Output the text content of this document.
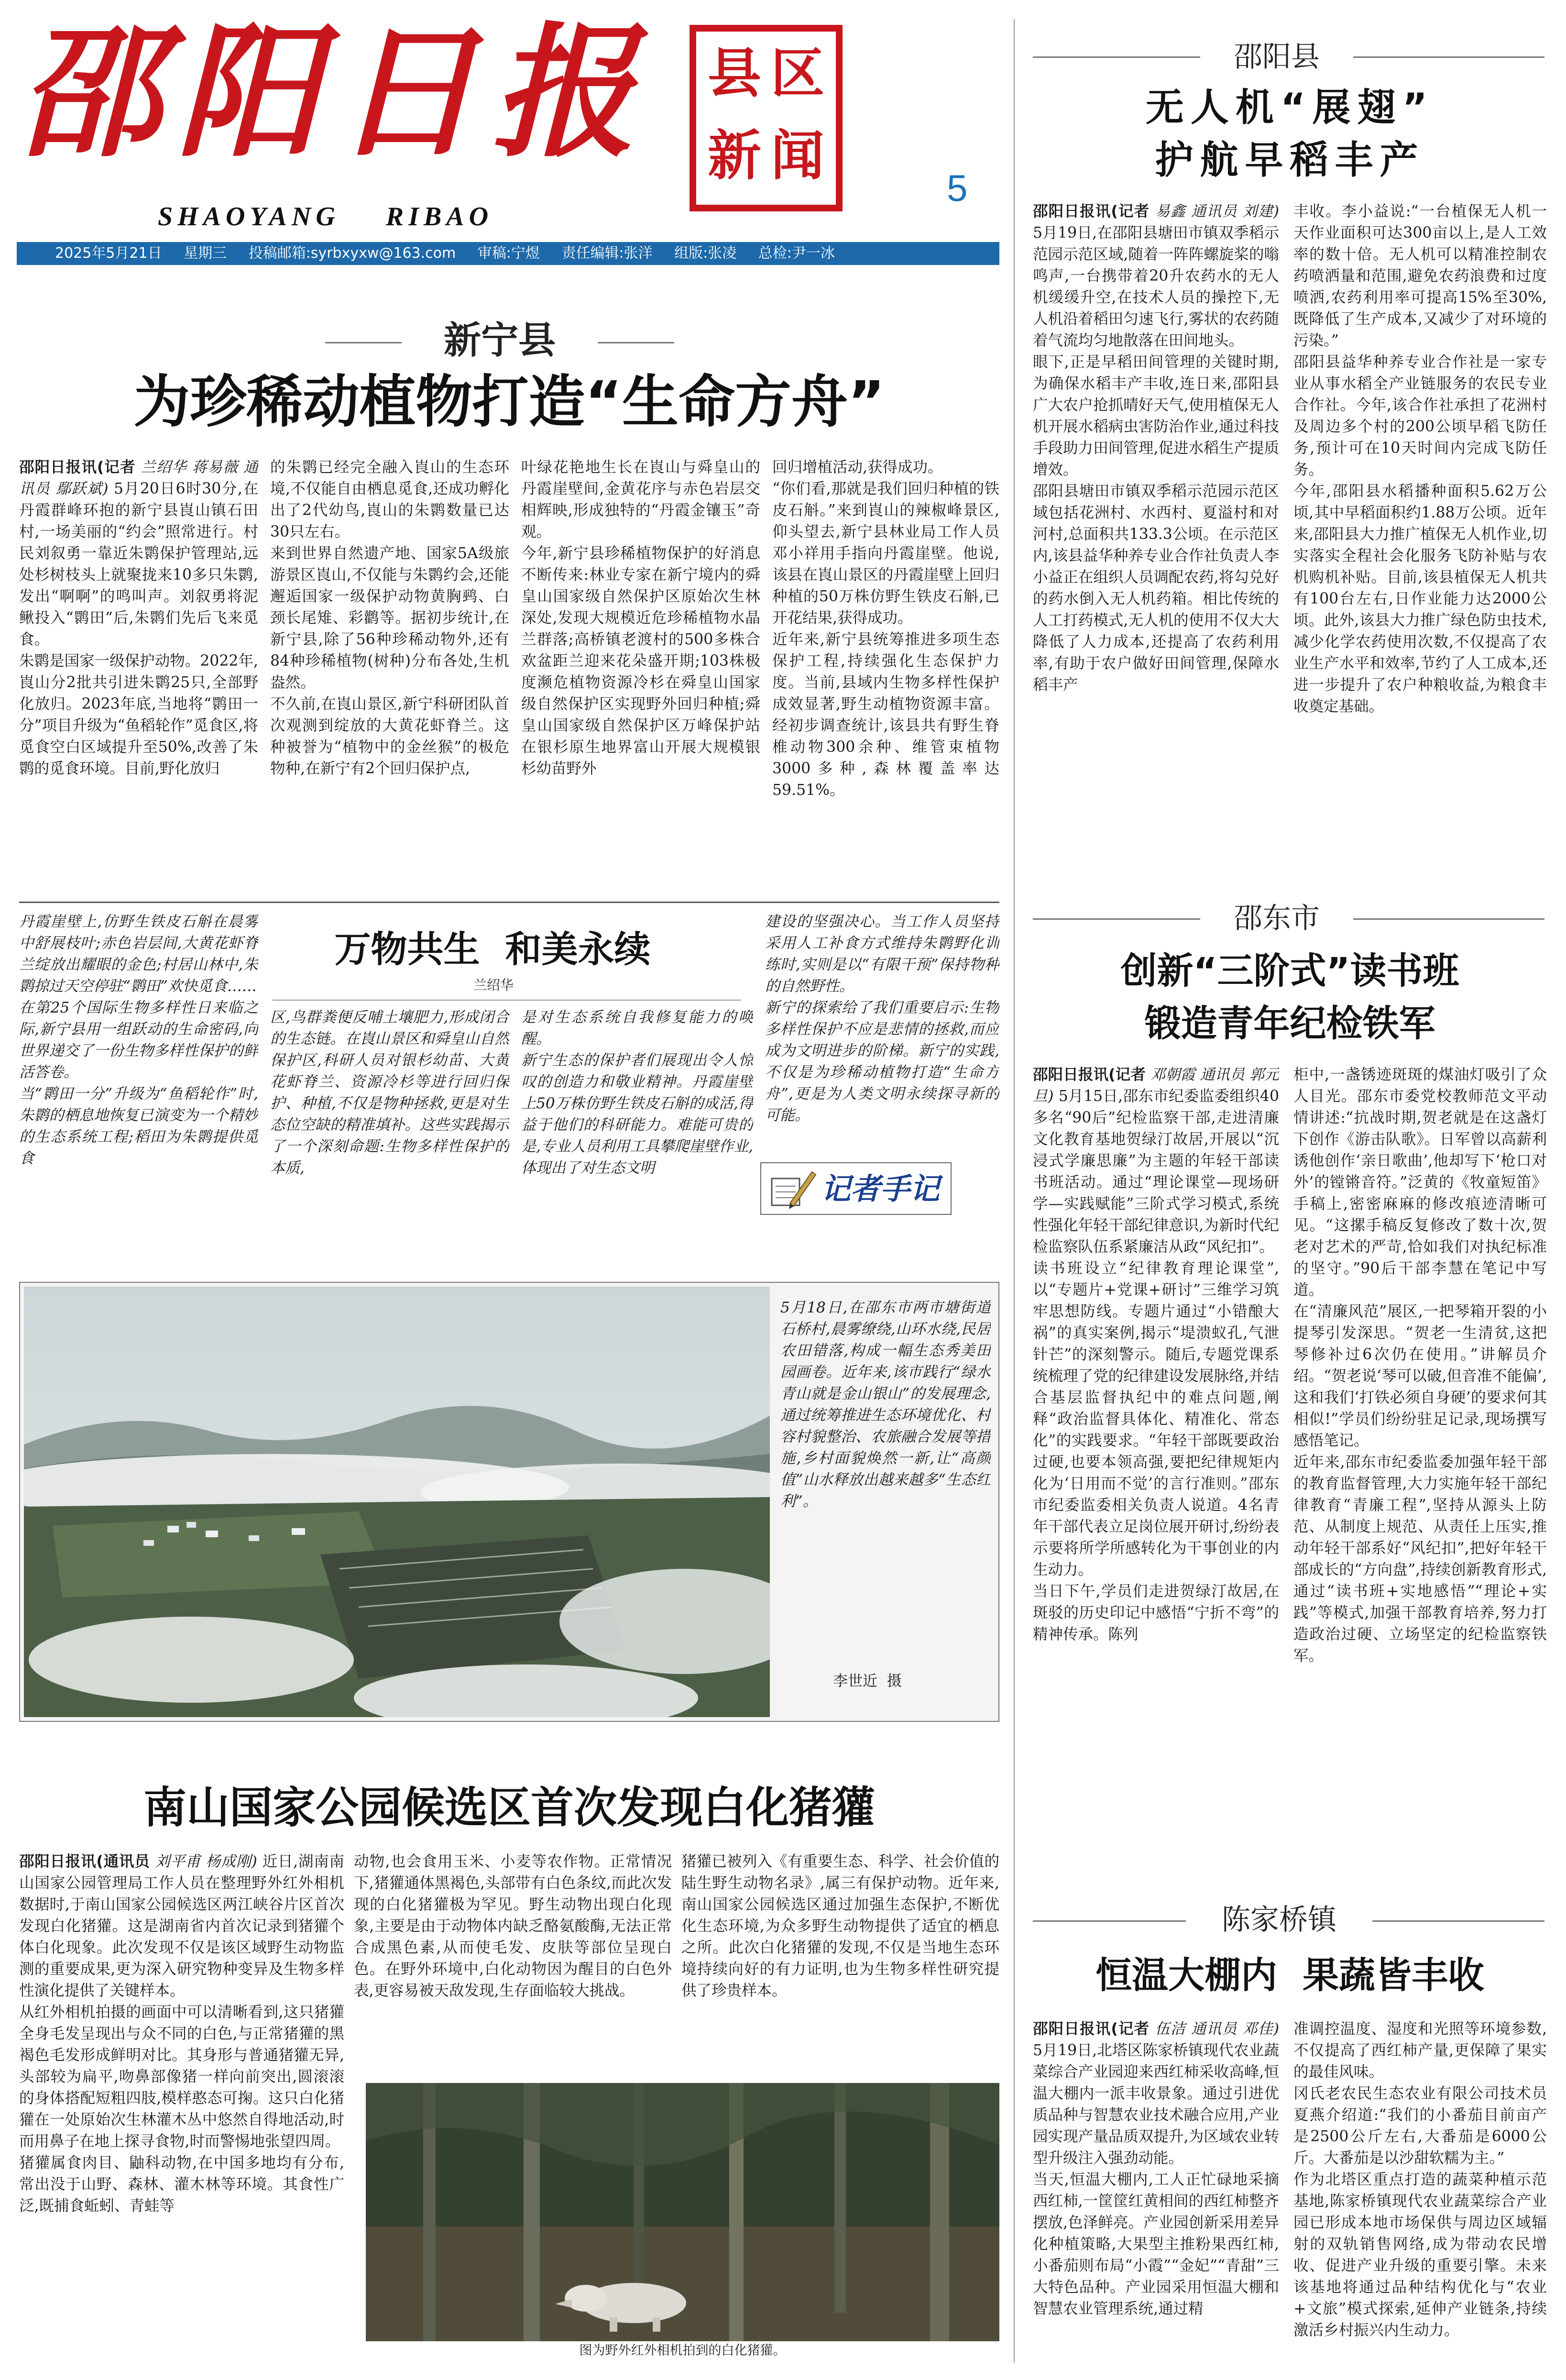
邵阳日报
SHAOYANG    RIBAO
县 区
新 闻
5
2025年5月21日 星期三 投稿邮箱:syrbxyxw@163.com 审稿:宁煜 责任编辑:张洋 组版:张凌 总检:尹一冰
新宁县
为珍稀动植物打造“生命方舟”
邵阳日报讯(记者 兰绍华 蒋易薇 通讯员 鄢跃斌) 5月20日6时30分,在丹霞群峰环抱的新宁县崀山镇石田村,一场美丽的“约会”照常进行。村民刘叙勇一靠近朱鹮保护管理站,远处杉树枝头上就聚拢来10多只朱鹮,发出“啊啊”的鸣叫声。刘叙勇将泥鳅投入“鹮田”后,朱鹮们先后飞来觅食。
朱鹮是国家一级保护动物。2022年,崀山分2批共引进朱鹮25只,全部野化放归。2023年底,当地将“鹮田一分”项目升级为“鱼稻轮作”觅食区,将觅食空白区域提升至50%,改善了朱鹮的觅食环境。目前,野化放归
的朱鹮已经完全融入崀山的生态环境,不仅能自由栖息觅食,还成功孵化出了2代幼鸟,崀山的朱鹮数量已达30只左右。
来到世界自然遗产地、国家5A级旅游景区崀山,不仅能与朱鹮约会,还能邂逅国家一级保护动物黄胸鹀、白颈长尾雉、彩鹳等。据初步统计,在新宁县,除了56种珍稀动物外,还有84种珍稀植物(树种)分布各处,生机盎然。
不久前,在崀山景区,新宁科研团队首次观测到绽放的大黄花虾脊兰。这种被誉为“植物中的金丝猴”的极危物种,在新宁有2个回归保护点,
叶绿花艳地生长在崀山与舜皇山的丹霞崖壁间,金黄花序与赤色岩层交相辉映,形成独特的“丹霞金镶玉”奇观。
今年,新宁县珍稀植物保护的好消息不断传来:林业专家在新宁境内的舜皇山国家级自然保护区原始次生林深处,发现大规模近危珍稀植物水晶兰群落;高桥镇老渡村的500多株合欢盆距兰迎来花朵盛开期;103株极度濒危植物资源冷杉在舜皇山国家级自然保护区实现野外回归种植;舜皇山国家级自然保护区万峰保护站在银杉原生地界富山开展大规模银杉幼苗野外
回归增植活动,获得成功。
“你们看,那就是我们回归种植的铁皮石斛。”来到崀山的辣椒峰景区,仰头望去,新宁县林业局工作人员邓小祥用手指向丹霞崖壁。他说,该县在崀山景区的丹霞崖壁上回归种植的50万株仿野生铁皮石斛,已开花结果,获得成功。
近年来,新宁县统筹推进多项生态保护工程,持续强化生态保护力度。当前,县域内生物多样性保护成效显著,野生动植物资源丰富。经初步调查统计,该县共有野生脊椎动物300余种、维管束植物3000多种,森林覆盖率达59.51%。
丹霞崖壁上,仿野生铁皮石斛在晨雾中舒展枝叶;赤色岩层间,大黄花虾脊兰绽放出耀眼的金色;村居山林中,朱鹮掠过天空停驻“鹮田”欢快觅食……
在第25个国际生物多样性日来临之际,新宁县用一组跃动的生命密码,向世界递交了一份生物多样性保护的鲜活答卷。
当“鹮田一分”升级为“鱼稻轮作”时,朱鹮的栖息地恢复已演变为一个精妙的生态系统工程;稻田为朱鹮提供觅食
万物共生  和美永续
兰绍华
区,鸟群粪便反哺土壤肥力,形成闭合的生态链。在崀山景区和舜皇山自然保护区,科研人员对银杉幼苗、大黄花虾脊兰、资源冷杉等进行回归保护、种植,不仅是物种拯救,更是对生态位空缺的精准填补。这些实践揭示了一个深刻命题:生物多样性保护的本质,
是对生态系统自我修复能力的唤醒。
新宁生态的保护者们展现出令人惊叹的创造力和敬业精神。丹霞崖壁上50万株仿野生铁皮石斛的成活,得益于他们的科研能力。难能可贵的是,专业人员利用工具攀爬崖壁作业,体现出了对生态文明
建设的坚强决心。当工作人员坚持采用人工补食方式维持朱鹮野化训练时,实则是以“有限干预”保持物种的自然野性。
新宁的探索给了我们重要启示:生物多样性保护不应是悲情的拯救,而应成为文明进步的阶梯。新宁的实践,不仅是为珍稀动植物打造“生命方舟”,更是为人类文明永续探寻新的可能。
记者手记
5月18日,在邵东市两市塘街道石桥村,晨雾缭绕,山环水绕,民居农田错落,构成一幅生态秀美田园画卷。近年来,该市践行“绿水青山就是金山银山”的发展理念,通过统筹推进生态环境优化、村容村貌整治、农旅融合发展等措施,乡村面貌焕然一新,让“高颜值”山水释放出越来越多“生态红利”。
李世近  摄
南山国家公园候选区首次发现白化猪獾
邵阳日报讯(通讯员 刘平甫 杨成刚) 近日,湖南南山国家公园管理局工作人员在整理野外红外相机数据时,于南山国家公园候选区两江峡谷片区首次发现白化猪獾。这是湖南省内首次记录到猪獾个体白化现象。此次发现不仅是该区域野生动物监测的重要成果,更为深入研究物种变异及生物多样性演化提供了关键样本。
从红外相机拍摄的画面中可以清晰看到,这只猪獾全身毛发呈现出与众不同的白色,与正常猪獾的黑褐色毛发形成鲜明对比。其身形与普通猪獾无异,头部较为扁平,吻鼻部像猪一样向前突出,圆滚滚的身体搭配短粗四肢,模样憨态可掬。这只白化猪獾在一处原始次生林灌木丛中悠然自得地活动,时而用鼻子在地上探寻食物,时而警惕地张望四周。
猪獾属食肉目、鼬科动物,在中国多地均有分布,常出没于山野、森林、灌木林等环境。其食性广泛,既捕食蚯蚓、青蛙等
动物,也会食用玉米、小麦等农作物。正常情况下,猪獾通体黑褐色,头部带有白色条纹,而此次发现的白化猪獾极为罕见。野生动物出现白化现象,主要是由于动物体内缺乏酪氨酸酶,无法正常合成黑色素,从而使毛发、皮肤等部位呈现白色。在野外环境中,白化动物因为醒目的白色外表,更容易被天敌发现,生存面临较大挑战。
猪獾已被列入《有重要生态、科学、社会价值的陆生野生动物名录》,属三有保护动物。近年来,南山国家公园候选区通过加强生态保护,不断优化生态环境,为众多野生动物提供了适宜的栖息之所。此次白化猪獾的发现,不仅是当地生态环境持续向好的有力证明,也为生物多样性研究提供了珍贵样本。
图为野外红外相机拍到的白化猪獾。
邵阳县
无人机“展翅”
护航早稻丰产
邵阳日报讯(记者 易鑫 通讯员 刘建) 5月19日,在邵阳县塘田市镇双季稻示范园示范区域,随着一阵阵螺旋桨的嗡鸣声,一台携带着20升农药水的无人机缓缓升空,在技术人员的操控下,无人机沿着稻田匀速飞行,雾状的农药随着气流均匀地散落在田间地头。
眼下,正是早稻田间管理的关键时期,为确保水稻丰产丰收,连日来,邵阳县广大农户抢抓晴好天气,使用植保无人机开展水稻病虫害防治作业,通过科技手段助力田间管理,促进水稻生产提质增效。
邵阳县塘田市镇双季稻示范园示范区域包括花洲村、水西村、夏溢村和对河村,总面积共133.3公顷。在示范区内,该县益华种养专业合作社负责人李小益正在组织人员调配农药,将勾兑好的药水倒入无人机药箱。相比传统的人工打药模式,无人机的使用不仅大大降低了人力成本,还提高了农药利用率,有助于农户做好田间管理,保障水稻丰产
丰收。李小益说:“一台植保无人机一天作业面积可达300亩以上,是人工效率的数十倍。无人机可以精准控制农药喷洒量和范围,避免农药浪费和过度喷洒,农药利用率可提高15%至30%,既降低了生产成本,又减少了对环境的污染。”
邵阳县益华种养专业合作社是一家专业从事水稻全产业链服务的农民专业合作社。今年,该合作社承担了花洲村及周边多个村的200公顷早稻飞防任务,预计可在10天时间内完成飞防任务。
今年,邵阳县水稻播种面积5.62万公顷,其中早稻面积约1.88万公顷。近年来,邵阳县大力推广植保无人机作业,切实落实全程社会化服务飞防补贴与农机购机补贴。目前,该县植保无人机共有100台左右,日作业能力达2000公顷。此外,该县大力推广绿色防虫技术,减少化学农药使用次数,不仅提高了农业生产水平和效率,节约了人工成本,还进一步提升了农户种粮收益,为粮食丰收奠定基础。
邵东市
创新“三阶式”读书班
锻造青年纪检铁军
邵阳日报讯(记者 邓朝霞 通讯员 郭元旦) 5月15日,邵东市纪委监委组织40多名“90后”纪检监察干部,走进清廉文化教育基地贺绿汀故居,开展以“沉浸式学廉思廉”为主题的年轻干部读书班活动。通过“理论课堂—现场研学—实践赋能”三阶式学习模式,系统性强化年轻干部纪律意识,为新时代纪检监察队伍系紧廉洁从政“风纪扣”。
读书班设立“纪律教育理论课堂”,以“专题片+党课+研讨”三维学习筑牢思想防线。专题片通过“小错酿大祸”的真实案例,揭示“堤溃蚁孔,气泄针芒”的深刻警示。随后,专题党课系统梳理了党的纪律建设发展脉络,并结合基层监督执纪中的难点问题,阐释“政治监督具体化、精准化、常态化”的实践要求。“年轻干部既要政治过硬,也要本领高强,要把纪律规矩内化为‘日用而不觉’的言行准则。”邵东市纪委监委相关负责人说道。4名青年干部代表立足岗位展开研讨,纷纷表示要将所学所感转化为干事创业的内生动力。
当日下午,学员们走进贺绿汀故居,在斑驳的历史印记中感悟“宁折不弯”的精神传承。陈列
柜中,一盏锈迹斑斑的煤油灯吸引了众人目光。邵东市委党校教师范文平动情讲述:“抗战时期,贺老就是在这盏灯下创作《游击队歌》。日军曾以高薪利诱他创作‘亲日歌曲’,他却写下‘枪口对外’的镗锵音符。”泛黄的《牧童短笛》手稿上,密密麻麻的修改痕迹清晰可见。“这摞手稿反复修改了数十次,贺老对艺术的严苛,恰如我们对执纪标准的坚守。”90后干部李慧在笔记中写道。
在“清廉风范”展区,一把琴箱开裂的小提琴引发深思。“贺老一生清贫,这把琴修补过6次仍在使用。”讲解员介绍。“贺老说‘琴可以破,但音准不能偏’,这和我们‘打铁必须自身硬’的要求何其相似!”学员们纷纷驻足记录,现场撰写感悟笔记。
近年来,邵东市纪委监委加强年轻干部的教育监督管理,大力实施年轻干部纪律教育“青廉工程”,坚持从源头上防范、从制度上规范、从责任上压实,推动年轻干部系好“风纪扣”,把好年轻干部成长的“方向盘”,持续创新教育形式,通过“读书班+实地感悟”“理论+实践”等模式,加强干部教育培养,努力打造政治过硬、立场坚定的纪检监察铁军。
陈家桥镇
恒温大棚内  果蔬皆丰收
邵阳日报讯(记者 伍洁 通讯员 邓佳) 5月19日,北塔区陈家桥镇现代农业蔬菜综合产业园迎来西红柿采收高峰,恒温大棚内一派丰收景象。通过引进优质品种与智慧农业技术融合应用,产业园实现产量品质双提升,为区域农业转型升级注入强劲动能。
当天,恒温大棚内,工人正忙碌地采摘西红柿,一筐筐红黄相间的西红柿整齐摆放,色泽鲜亮。产业园创新采用差异化种植策略,大果型主推粉果西红柿,小番茄则布局“小霞”“金妃”“青甜”三大特色品种。产业园采用恒温大棚和智慧农业管理系统,通过精
准调控温度、湿度和光照等环境参数,不仅提高了西红柿产量,更保障了果实的最佳风味。
冈氏老农民生态农业有限公司技术员夏燕介绍道:“我们的小番茄目前亩产是2500公斤左右,大番茄是6000公斤。大番茄是以沙甜软糯为主。”
作为北塔区重点打造的蔬菜种植示范基地,陈家桥镇现代农业蔬菜综合产业园已形成本地市场保供与周边区域辐射的双轨销售网络,成为带动农民增收、促进产业升级的重要引擎。未来该基地将通过品种结构优化与“农业+文旅”模式探索,延伸产业链条,持续激活乡村振兴内生动力。
